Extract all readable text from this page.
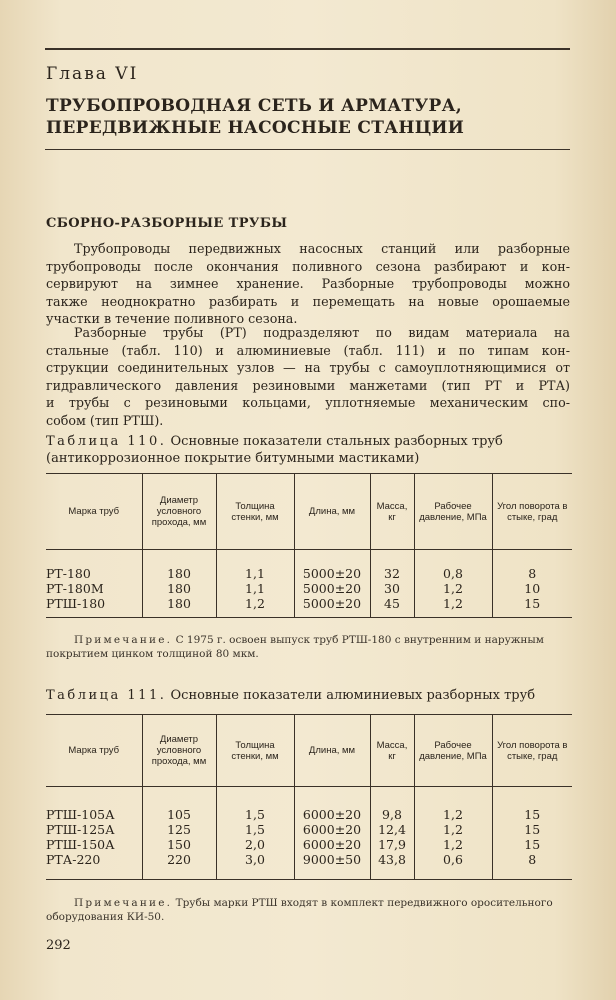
Глава VI
ТРУБОПРОВОДНАЯ СЕТЬ И АРМАТУРА,
ПЕРЕДВИЖНЫЕ НАСОСНЫЕ СТАНЦИИ
СБОРНО-РАЗБОРНЫЕ ТРУБЫ
Трубопроводы передвижных насосных станций или разборные
трубопроводы после окончания поливного сезона разбирают и кон-
сервируют на зимнее хранение. Разборные трубопроводы можно
также неоднократно разбирать и перемещать на новые орошаемые
участки в течение поливного сезона.
Разборные трубы (РТ) подразделяют по видам материала на
стальные (табл. 110) и алюминиевые (табл. 111) и по типам кон-
струкции соединительных узлов — на трубы с самоуплотняющимися от
гидравлического давления резиновыми манжетами (тип РТ и РТА)
и трубы с резиновыми кольцами, уплотняемые механическим спо-
собом (тип РТШ).
Таблица 110. Основные показатели стальных разборных труб
(антикоррозионное покрытие битумными мастиками)
Марка труб	Диаметр условного прохода, мм	Толщина стенки, мм	Длина, мм	Масса, кг	Рабочее давление, МПа	Угол поворота в стыке, град

РТ-180	180	1,1	5000±20	32	0,8	8
РТ-180М	180	1,1	5000±20	30	1,2	10
РТШ-180	180	1,2	5000±20	45	1,2	15

Примечание. С 1975 г. освоен выпуск труб РТШ-180 с внутренним и наружным покрытием цинком толщиной 80 мкм.
Таблица 111. Основные показатели алюминиевых разборных труб
Марка труб	Диаметр условного прохода, мм	Толщина стенки, мм	Длина, мм	Масса, кг	Рабочее давление, МПа	Угол поворота в стыке, град

РТШ-105А	105	1,5	6000±20	9,8	1,2	15
РТШ-125А	125	1,5	6000±20	12,4	1,2	15
РТШ-150А	150	2,0	6000±20	17,9	1,2	15
РТА-220	220	3,0	9000±50	43,8	0,6	8

Примечание. Трубы марки РТШ входят в комплект передвижного оросительного оборудования КИ-50.
292
